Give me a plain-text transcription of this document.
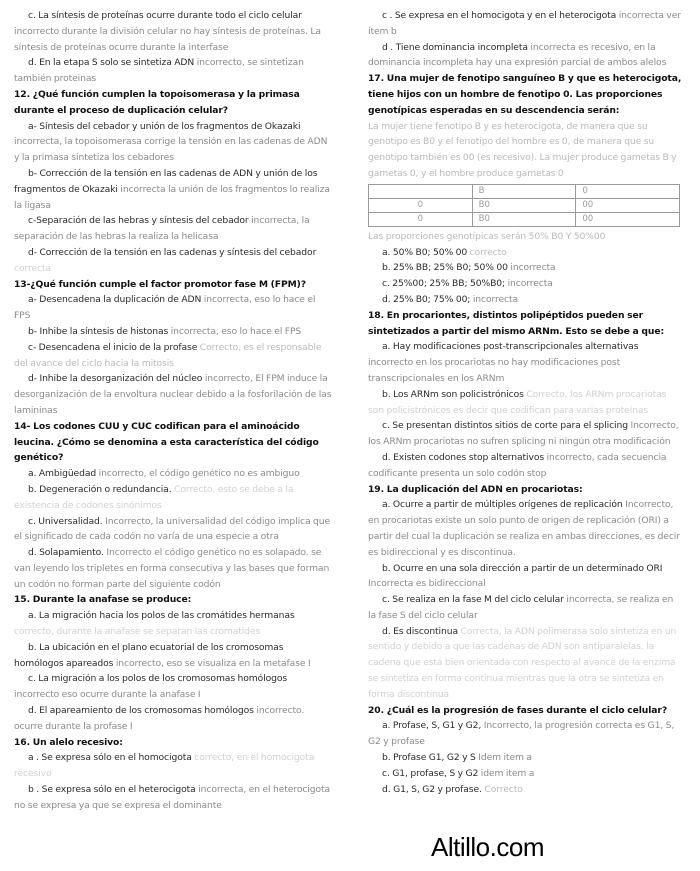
c. La síntesis de proteínas ocurre durante todo el ciclo celular incorrecto durante la división celular no hay síntesis de proteínas. La síntesis de proteínas ocurre durante la interfase

d. En la etapa S solo se sintetiza ADN incorrecto, se sintetizan también proteinas

12. ¿Qué función cumplen la topoisomerasa y la primasa durante el proceso de duplicación celular?

a- Síntesis del cebador y unión de los fragmentos de Okazaki incorrecta, la topoisomerasa corrige la tensión en las cadenas de ADN y la primasa sintetiza los cebadores

b- Corrección de la tensión en las cadenas de ADN y unión de los fragmentos de Okazaki incorrecta la unión de los fragmentos lo realiza la ligasa

c-Separación de las hebras y síntesis del cebador incorrecta, la separación de las hebras la realiza la helicasa

d- Corrección de la tensión en las cadenas y síntesis del cebador correcta

13-¿Qué función cumple el factor promotor fase M (FPM)?

a- Desencadena la duplicación de ADN incorrecta, eso lo hace el FPS

b- Inhibe la síntesis de histonas incorrecta, eso lo hace el FPS

c- Desencadena el inicio de la profase Correcto, es el responsable del avance del ciclo hacia la mitosis

d- Inhibe la desorganización del núcleo incorrecto, El FPM induce la desorganización de la envoltura nuclear debido a la fosforilación de las lamininas

14- Los codones CUU y CUC codifican para el aminoácido leucina. ¿Cómo se denomina a esta característica del código genético?

a. Ambigüedad incorrecto, el código genético no es ambiguo

b. Degeneración o redundancia. Correcto, esto se debe a la existencia de codones sinónimos

c. Universalidad. Incorrecto, la universalidad del código implica que el significado de cada codón no varía de una especie a otra

d. Solapamiento. Incorrecto el código genético no es solapado. se van leyendo los tripletes en forma consecutiva y las bases que forman un codón no forman parte del siguiente codón

15. Durante la anafase se produce:

a. La migración hacia los polos de las cromátides hermanas correcto, durante la anafase se separan las cromatides

b. La ubicación en el plano ecuatorial de los cromosomas homólogos apareados incorrecto, eso se visualiza en la metafase I

c. La migración a los polos de los cromosomas homólogos incorrecto eso ocurre durante la anafase I

d. El apareamiento de los cromosomas homólogos incorrecto. ocurre durante la profase I

16. Un alelo recesivo:

a . Se expresa sólo en el homocigota correcto, en el homocigota recesivo

b . Se expresa sólo en el heterocigota incorrecta, en el heterocigota no se expresa ya que se expresa el dominante

c . Se expresa en el homocigota y en el heterocigota incorrecta ver ítem b

d . Tiene dominancia incompleta incorrecta es recesivo, en la dominancia incompleta hay una expresión parcial de ambos alelos

17. Una mujer de fenotipo sanguíneo B y que es heterocigota, tiene hijos con un hombre de fenotipo 0. Las proporciones genotípicas esperadas en su descendencia serán:

La mujer tiene fenotipo B y es heterocigota, de manera que su genotipo es B0 y el fenotipo del hombre es 0, de manera que su genotipo también es 00 (es recesivo). La mujer produce gametas B y gametas 0, y el hombre produce gametas 0

	B	0
0	B0	00
0	B0	00

Las proporciones genotípicas serán 50% B0 Y 50%00

a. 50% B0; 50% 00 correcto

b. 25% BB; 25% B0; 50% 00 incorrecta

c. 25%00; 25% BB; 50%B0; incorrecta

d. 25% B0; 75% 00; incorrecta

18. En procariontes, distintos polipéptidos pueden ser sintetizados a partir del mismo ARNm. Esto se debe a que:

a. Hay modificaciones post-transcripcionales alternativas incorrecto en los procariotas no hay modificaciones post transcripcionales en los ARNm

b. Los ARNm son policistrónicos Correcto, los ARNm procariotas son policistrónicos es decir que codifican para varias proteínas

c. Se presentan distintos sitios de corte para el splicing Incorrecto, los ARNm procariotas no sufren splicing ni ningún otra modificación

d. Existen codones stop alternativos incorrecto, cada secuencia codificante presenta un solo codón stop

19. La duplicación del ADN en procariotas:

a. Ocurre a partir de múltiples orígenes de replicación Incorrecto, en procariotas existe un solo punto de origen de replicación (ORI) a partir del cual la duplicación se realiza en ambas direcciones, es decir es bidireccional y es discontinua.

b. Ocurre en una sola dirección a partir de un determinado ORI Incorrecta es bidireccional

c. Se realiza en la fase M del ciclo celular incorrecta, se realiza en la fase S del ciclo celular

d. Es discontinua Correcta, la ADN polimerasa solo sintetiza en un sentido y debido a que las cadenas de ADN son antiparalelas, la cadena que está bien orientada con respecto al avance de la enzima se sintetiza en forma continua mientras que la otra se sintetiza en forma discontinua

20. ¿Cuál es la progresión de fases durante el ciclo celular?

a. Profase, S, G1 y G2, Incorrecto, la progresión correcta es G1, S, G2 y profase

b. Profase G1, G2 y S Idem item a

c. G1, profase, S y G2 idem item a

d. G1, S, G2 y profase. Correcto

Altillo.com
